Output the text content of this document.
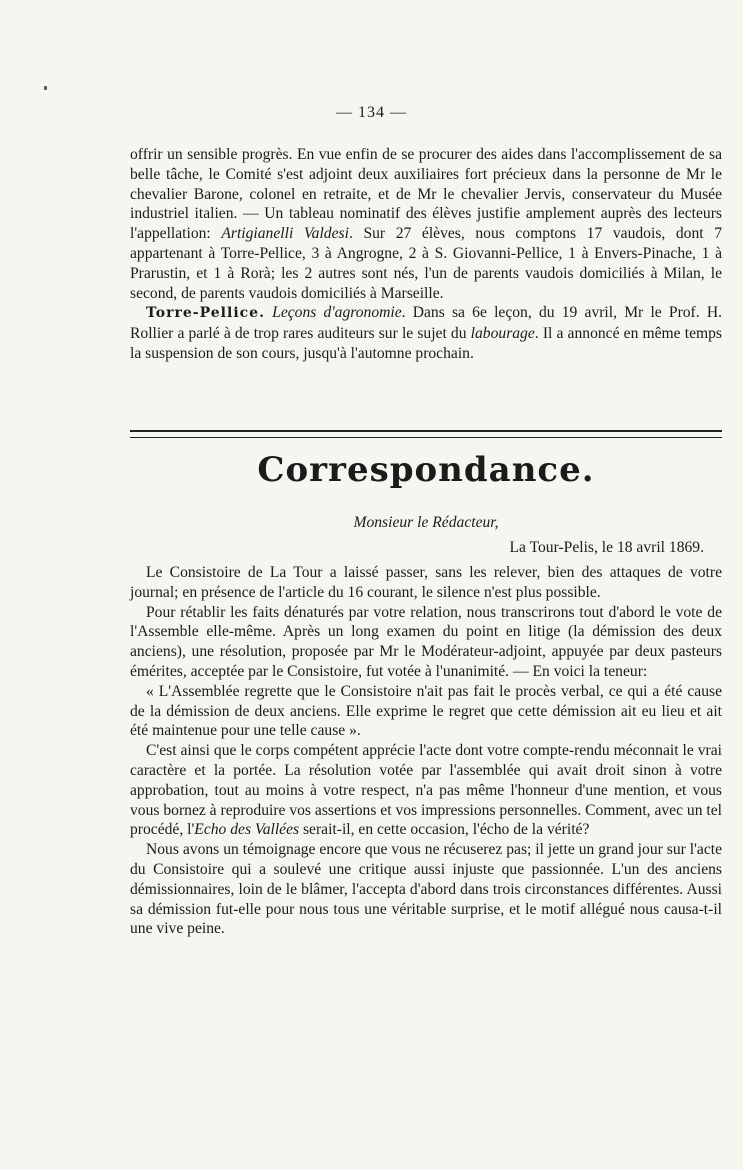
— 134 —

offrir un sensible progrès. En vue enfin de se procurer des aides dans l'accomplissement de sa belle tâche, le Comité s'est adjoint deux auxiliaires fort précieux dans la personne de Mr le chevalier Barone, colonel en retraite, et de Mr le chevalier Jervis, conservateur du Musée industriel italien. — Un tableau nominatif des élèves justifie amplement auprès des lecteurs l'appellation: Artigianelli Valdesi. Sur 27 élèves, nous comptons 17 vaudois, dont 7 appartenant à Torre-Pellice, 3 à Angrogne, 2 à S. Giovanni-Pellice, 1 à Envers-Pinache, 1 à Prarustin, et 1 à Rorà; les 2 autres sont nés, l'un de parents vaudois domiciliés à Milan, le second, de parents vaudois domiciliés à Marseille.

Torre-Pellice. Leçons d'agronomie. Dans sa 6e leçon, du 19 avril, Mr le Prof. H. Rollier a parlé à de trop rares auditeurs sur le sujet du labourage. Il a annoncé en même temps la suspension de son cours, jusqu'à l'automne prochain.

Correspondance.
Monsieur le Rédacteur,
La Tour-Pelis, le 18 avril 1869.

Le Consistoire de La Tour a laissé passer, sans les relever, bien des attaques de votre journal; en présence de l'article du 16 courant, le silence n'est plus possible.

Pour rétablir les faits dénaturés par votre relation, nous transcrirons tout d'abord le vote de l'Assemble elle-même. Après un long examen du point en litige (la démission des deux anciens), une résolution, proposée par Mr le Modérateur-adjoint, appuyée par deux pasteurs émérites, acceptée par le Consistoire, fut votée à l'unanimité. — En voici la teneur:

« L'Assemblée regrette que le Consistoire n'ait pas fait le procès verbal, ce qui a été cause de la démission de deux anciens. Elle exprime le regret que cette démission ait eu lieu et ait été maintenue pour une telle cause ».

C'est ainsi que le corps compétent apprécie l'acte dont votre compte-rendu méconnait le vrai caractère et la portée. La résolution votée par l'assemblée qui avait droit sinon à votre approbation, tout au moins à votre respect, n'a pas même l'honneur d'une mention, et vous vous bornez à reproduire vos assertions et vos impressions personnelles. Comment, avec un tel procédé, l'Echo des Vallées serait-il, en cette occasion, l'écho de la vérité?

Nous avons un témoignage encore que vous ne récuserez pas; il jette un grand jour sur l'acte du Consistoire qui a soulevé une critique aussi injuste que passionnée. L'un des anciens démissionnaires, loin de le blâmer, l'accepta d'abord dans trois circonstances différentes. Aussi sa démission fut-elle pour nous tous une véritable surprise, et le motif allégué nous causa-t-il une vive peine.
